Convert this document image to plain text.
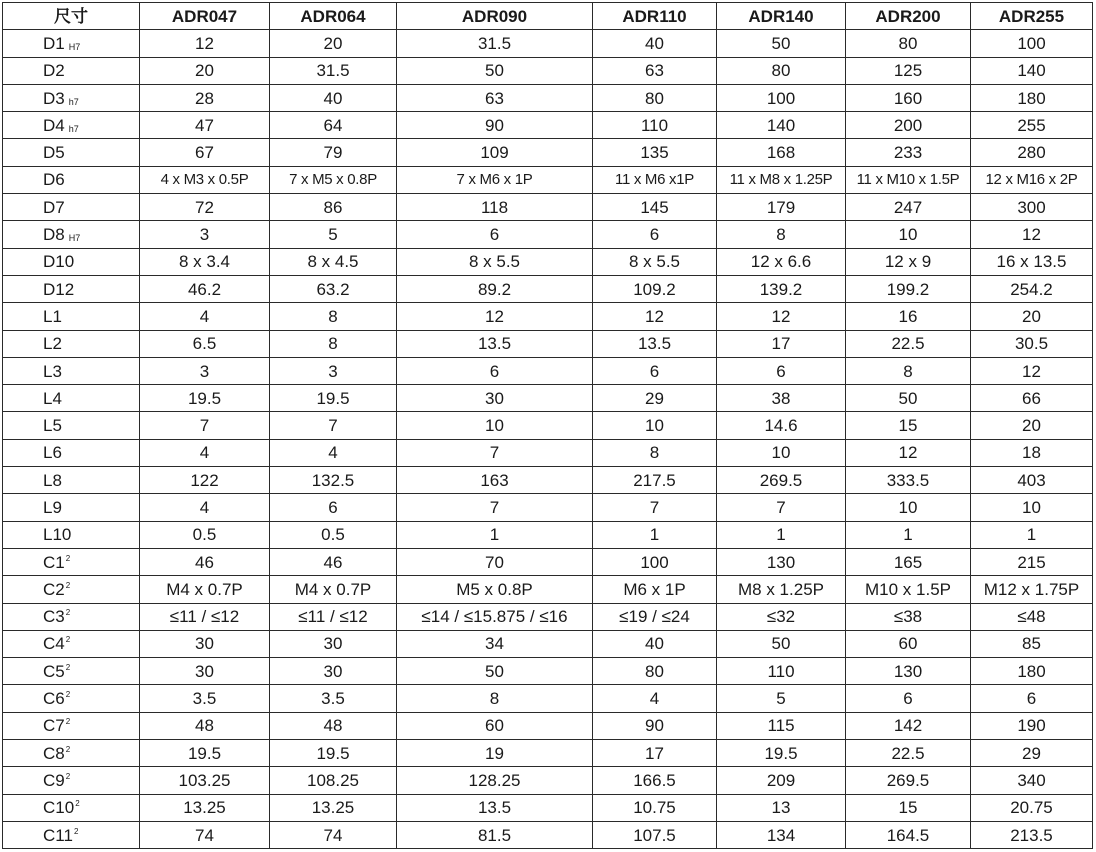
尺寸	ADR047	ADR064	ADR090	ADR110	ADR140	ADR200	ADR255
D1 H7	12	20	31.5	40	50	80	100
D2	20	31.5	50	63	80	125	140
D3 h7	28	40	63	80	100	160	180
D4 h7	47	64	90	110	140	200	255
D5	67	79	109	135	168	233	280
D6	4 x M3 x 0.5P	7 x M5 x 0.8P	7 x M6 x 1P	11 x M6 x1P	11 x M8 x 1.25P	11 x M10 x 1.5P	12 x M16 x 2P
D7	72	86	118	145	179	247	300
D8 H7	3	5	6	6	8	10	12
D10	8 x 3.4	8 x 4.5	8 x 5.5	8 x 5.5	12 x 6.6	12 x 9	16 x 13.5
D12	46.2	63.2	89.2	109.2	139.2	199.2	254.2
L1	4	8	12	12	12	16	20
L2	6.5	8	13.5	13.5	17	22.5	30.5
L3	3	3	6	6	6	8	12
L4	19.5	19.5	30	29	38	50	66
L5	7	7	10	10	14.6	15	20
L6	4	4	7	8	10	12	18
L8	122	132.5	163	217.5	269.5	333.5	403
L9	4	6	7	7	7	10	10
L10	0.5	0.5	1	1	1	1	1
$C1^2$	46	46	70	100	130	165	215
$C2^2$	M4 x 0.7P	M4 x 0.7P	M5 x 0.8P	M6 x 1P	M8 x 1.25P	M10 x 1.5P	M12 x 1.75P
$C3^2$	≤11 / ≤12	≤11 / ≤12	≤14 / ≤15.875 / ≤16	≤19 / ≤24	≤32	≤38	≤48
$C4^2$	30	30	34	40	50	60	85
$C5^2$	30	30	50	80	110	130	180
$C6^2$	3.5	3.5	8	4	5	6	6
$C7^2$	48	48	60	90	115	142	190
$C8^2$	19.5	19.5	19	17	19.5	22.5	29
$C9^2$	103.25	108.25	128.25	166.5	209	269.5	340
$C10^2$	13.25	13.25	13.5	10.75	13	15	20.75
$C11^2$	74	74	81.5	107.5	134	164.5	213.5
